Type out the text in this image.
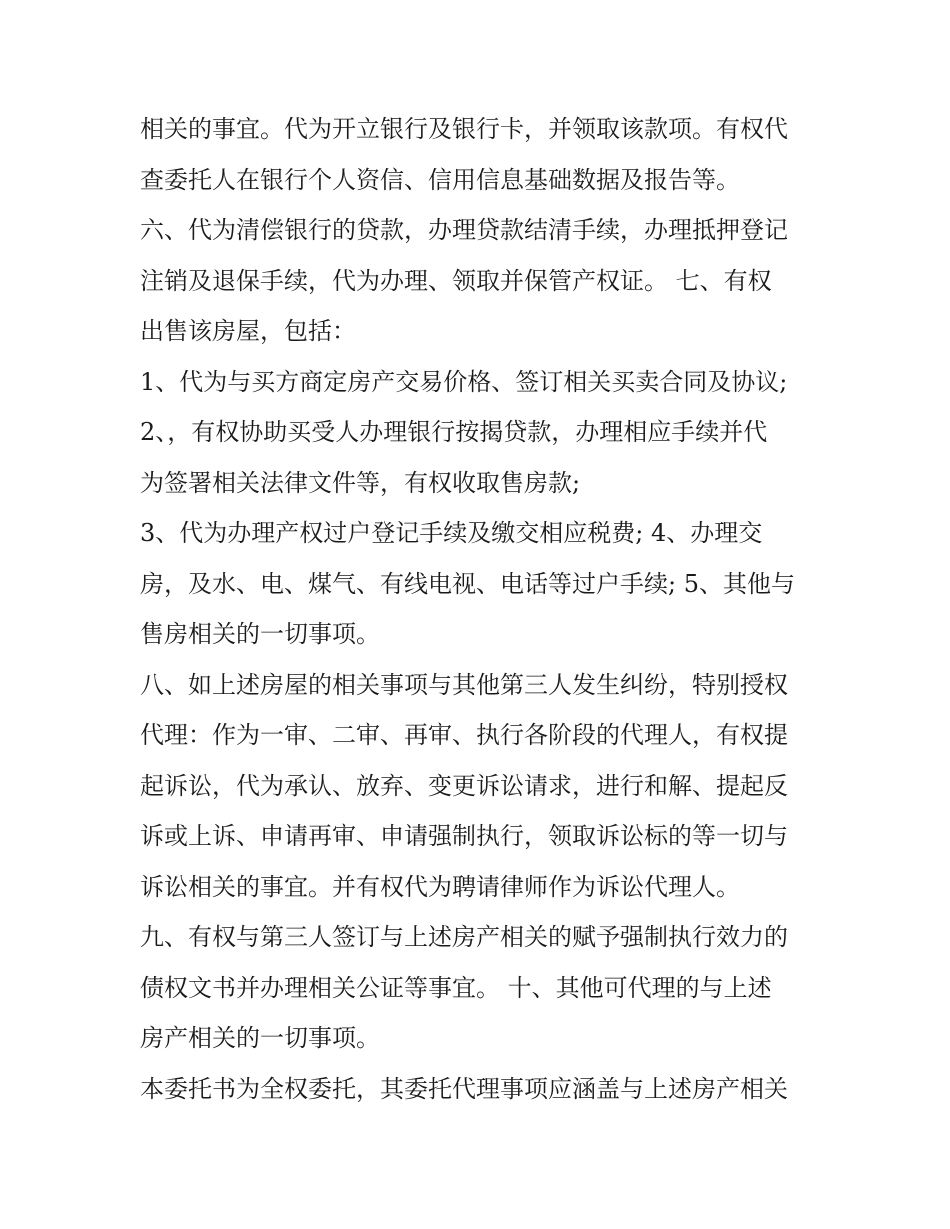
相关的事宜。代为开立银行及银行卡，并领取该款项。有权代
查委托人在银行个人资信、信用信息基础数据及报告等。
六、代为清偿银行的贷款，办理贷款结清手续，办理抵押登记
注销及退保手续，代为办理、领取并保管产权证。 七、有权
出售该房屋，包括：
1、代为与买方商定房产交易价格、签订相关买卖合同及协议;
2、，有权协助买受人办理银行按揭贷款，办理相应手续并代
为签署相关法律文件等，有权收取售房款;
3、代为办理产权过户登记手续及缴交相应税费; 4、办理交
房，及水、电、煤气、有线电视、电话等过户手续; 5、其他与
售房相关的一切事项。
八、如上述房屋的相关事项与其他第三人发生纠纷，特别授权
代理：作为一审、二审、再审、执行各阶段的代理人，有权提
起诉讼，代为承认、放弃、变更诉讼请求，进行和解、提起反
诉或上诉、申请再审、申请强制执行，领取诉讼标的等一切与
诉讼相关的事宜。并有权代为聘请律师作为诉讼代理人。
九、有权与第三人签订与上述房产相关的赋予强制执行效力的
债权文书并办理相关公证等事宜。 十、其他可代理的与上述
房产相关的一切事项。
本委托书为全权委托，其委托代理事项应涵盖与上述房产相关
